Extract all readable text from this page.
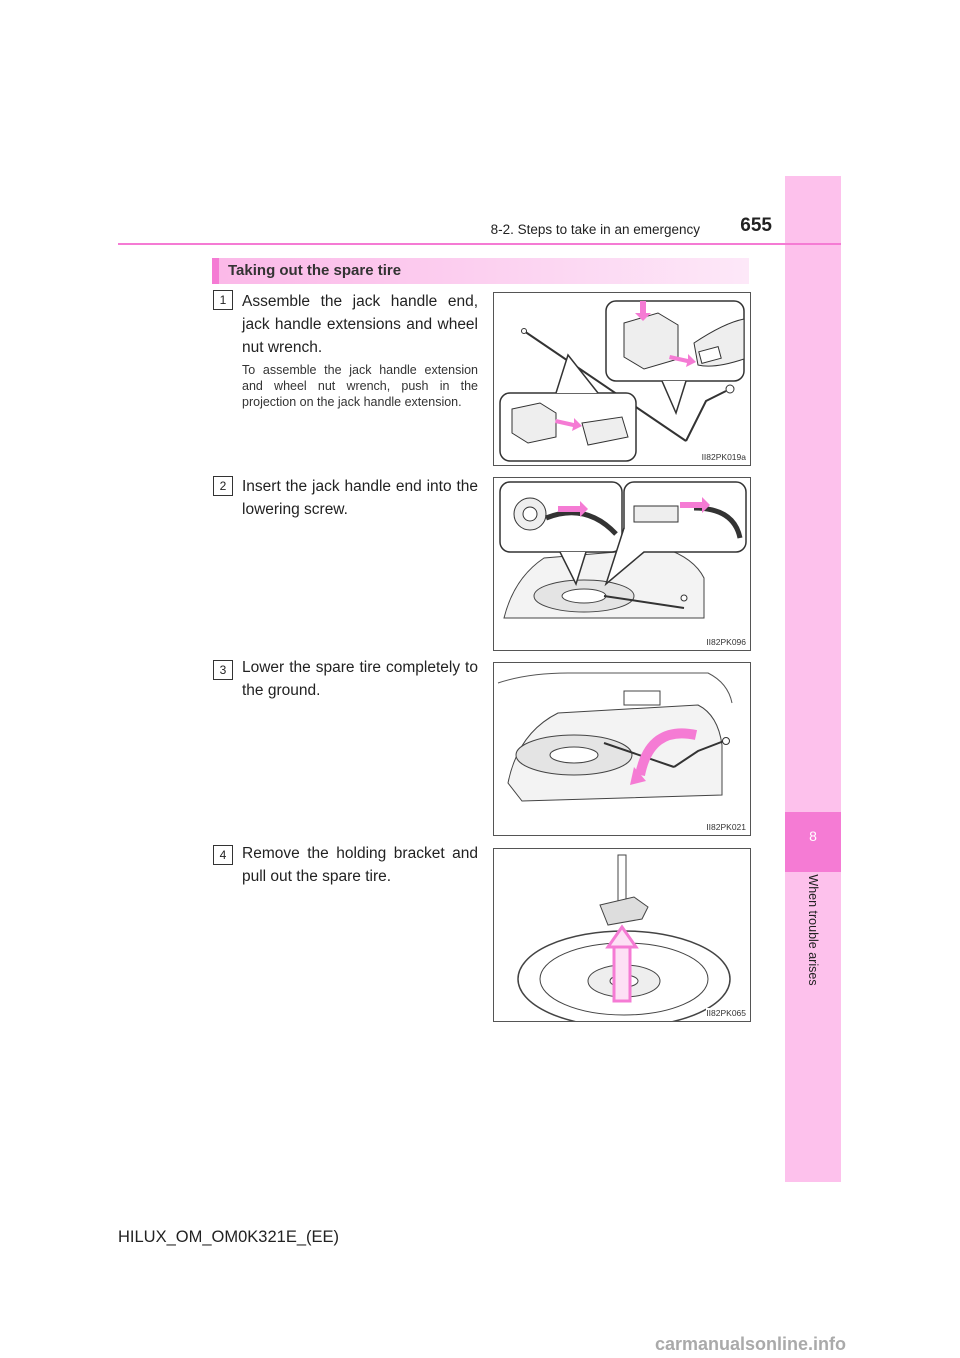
8
When trouble arises
8-2. Steps to take in an emergency	655
Taking out the spare tire
1	Assemble the jack handle end, jack handle extensions and wheel nut wrench.
To assemble the jack handle extension and wheel nut wrench, push in the projection on the jack handle extension.
II82PK019a
2	Insert the jack handle end into the lowering screw.
II82PK096
3	Lower the spare tire completely to the ground.
II82PK021
4	Remove the holding bracket and pull out the spare tire.
II82PK065
HILUX_OM_OM0K321E_(EE)
carmanualsonline.info
